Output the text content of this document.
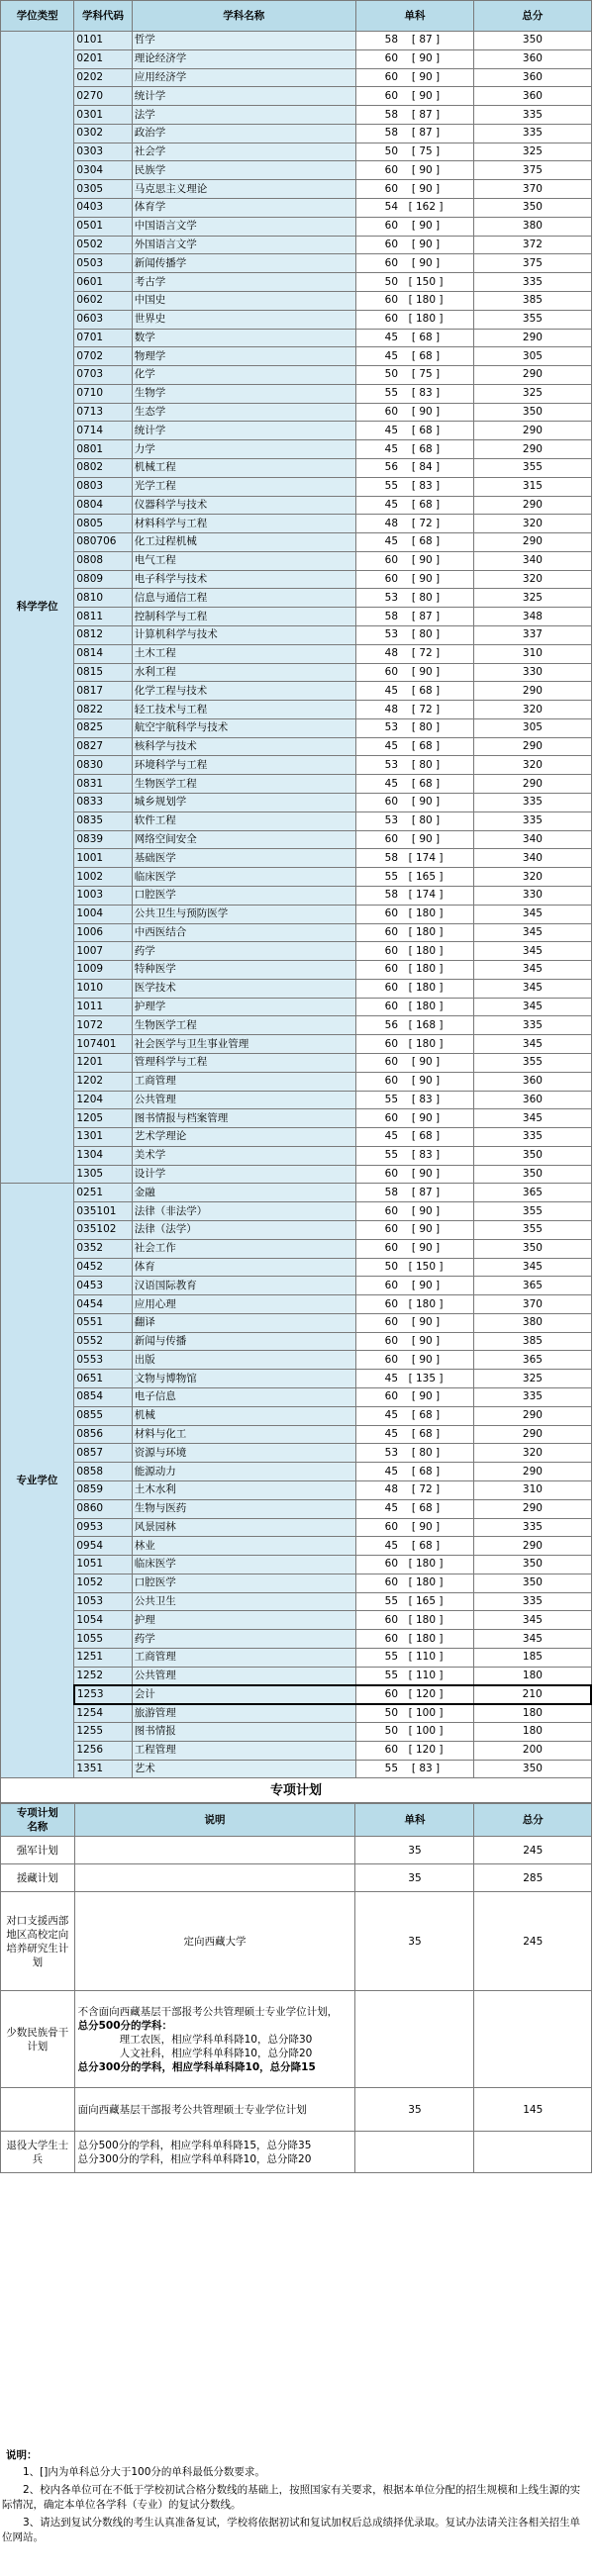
学位类型	学科代码	学科名称	单科	总分
科学学位	0101	哲学	58 [ 87 ]	350
	0201	理论经济学	60 [ 90 ]	360
	0202	应用经济学	60 [ 90 ]	360
	0270	统计学	60 [ 90 ]	360
	0301	法学	58 [ 87 ]	335
	0302	政治学	58 [ 87 ]	335
	0303	社会学	50 [ 75 ]	325
	0304	民族学	60 [ 90 ]	375
	0305	马克思主义理论	60 [ 90 ]	370
	0403	体育学	54 [ 162 ]	350
	0501	中国语言文学	60 [ 90 ]	380
	0502	外国语言文学	60 [ 90 ]	372
	0503	新闻传播学	60 [ 90 ]	375
	0601	考古学	50 [ 150 ]	335
	0602	中国史	60 [ 180 ]	385
	0603	世界史	60 [ 180 ]	355
	0701	数学	45 [ 68 ]	290
	0702	物理学	45 [ 68 ]	305
	0703	化学	50 [ 75 ]	290
	0710	生物学	55 [ 83 ]	325
	0713	生态学	60 [ 90 ]	350
	0714	统计学	45 [ 68 ]	290
	0801	力学	45 [ 68 ]	290
	0802	机械工程	56 [ 84 ]	355
	0803	光学工程	55 [ 83 ]	315
	0804	仪器科学与技术	45 [ 68 ]	290
	0805	材料科学与工程	48 [ 72 ]	320
	080706	化工过程机械	45 [ 68 ]	290
	0808	电气工程	60 [ 90 ]	340
	0809	电子科学与技术	60 [ 90 ]	320
	0810	信息与通信工程	53 [ 80 ]	325
	0811	控制科学与工程	58 [ 87 ]	348
	0812	计算机科学与技术	53 [ 80 ]	337
	0814	土木工程	48 [ 72 ]	310
	0815	水利工程	60 [ 90 ]	330
	0817	化学工程与技术	45 [ 68 ]	290
	0822	轻工技术与工程	48 [ 72 ]	320
	0825	航空宇航科学与技术	53 [ 80 ]	305
	0827	核科学与技术	45 [ 68 ]	290
	0830	环境科学与工程	53 [ 80 ]	320
	0831	生物医学工程	45 [ 68 ]	290
	0833	城乡规划学	60 [ 90 ]	335
	0835	软件工程	53 [ 80 ]	335
	0839	网络空间安全	60 [ 90 ]	340
	1001	基础医学	58 [ 174 ]	340
	1002	临床医学	55 [ 165 ]	320
	1003	口腔医学	58 [ 174 ]	330
	1004	公共卫生与预防医学	60 [ 180 ]	345
	1006	中西医结合	60 [ 180 ]	345
	1007	药学	60 [ 180 ]	345
	1009	特种医学	60 [ 180 ]	345
	1010	医学技术	60 [ 180 ]	345
	1011	护理学	60 [ 180 ]	345
	1072	生物医学工程	56 [ 168 ]	335
	107401	社会医学与卫生事业管理	60 [ 180 ]	345
	1201	管理科学与工程	60 [ 90 ]	355
	1202	工商管理	60 [ 90 ]	360
	1204	公共管理	55 [ 83 ]	360
	1205	图书情报与档案管理	60 [ 90 ]	345
	1301	艺术学理论	45 [ 68 ]	335
	1304	美术学	55 [ 83 ]	350
	1305	设计学	60 [ 90 ]	350
专业学位	0251	金融	58 [ 87 ]	365
	035101	法律（非法学）	60 [ 90 ]	355
	035102	法律（法学）	60 [ 90 ]	355
	0352	社会工作	60 [ 90 ]	350
	0452	体育	50 [ 150 ]	345
	0453	汉语国际教育	60 [ 90 ]	365
	0454	应用心理	60 [ 180 ]	370
	0551	翻译	60 [ 90 ]	380
	0552	新闻与传播	60 [ 90 ]	385
	0553	出版	60 [ 90 ]	365
	0651	文物与博物馆	45 [ 135 ]	325
	0854	电子信息	60 [ 90 ]	335
	0855	机械	45 [ 68 ]	290
	0856	材料与化工	45 [ 68 ]	290
	0857	资源与环境	53 [ 80 ]	320
	0858	能源动力	45 [ 68 ]	290
	0859	土木水利	48 [ 72 ]	310
	0860	生物与医药	45 [ 68 ]	290
	0953	风景园林	60 [ 90 ]	335
	0954	林业	45 [ 68 ]	290
	1051	临床医学	60 [ 180 ]	350
	1052	口腔医学	60 [ 180 ]	350
	1053	公共卫生	55 [ 165 ]	335
	1054	护理	60 [ 180 ]	345
	1055	药学	60 [ 180 ]	345
	1251	工商管理	55 [ 110 ]	185
	1252	公共管理	55 [ 110 ]	180
	1253	会计	60 [ 120 ]	210
	1254	旅游管理	50 [ 100 ]	180
	1255	图书情报	50 [ 100 ]	180
	1256	工程管理	60 [ 120 ]	200
	1351	艺术	55 [ 83 ]	350
专项计划
专项计划
名称	说明	单科	总分
强军计划		35	245
援藏计划		35	285
对口支援西部地区高校定向培养研究生计划	定向西藏大学	35	245
少数民族骨干计划	不含面向西藏基层干部报考公共管理硕士专业学位计划，
总分500分的学科：
　　　　理工农医，相应学科单科降10，总分降30
　　　　人文社科，相应学科单科降10，总分降20
总分300分的学科，相应学科单科降10，总分降15		

	面向西藏基层干部报考公共管理硕士专业学位计划	35	145
退役大学生士兵	总分500分的学科，相应学科单科降15，总分降35
总分300分的学科，相应学科单科降10，总分降20		

说明：

1、[]内为单科总分大于100分的单科最低分数要求。

2、校内各单位可在不低于学校初试合格分数线的基础上，按照国家有关要求，根据本单位分配的招生规模和上线生源的实际情况，确定本单位各学科（专业）的复试分数线。

3、请达到复试分数线的考生认真准备复试，学校将依据初试和复试加权后总成绩择优录取。复试办法请关注各相关招生单位网站。
